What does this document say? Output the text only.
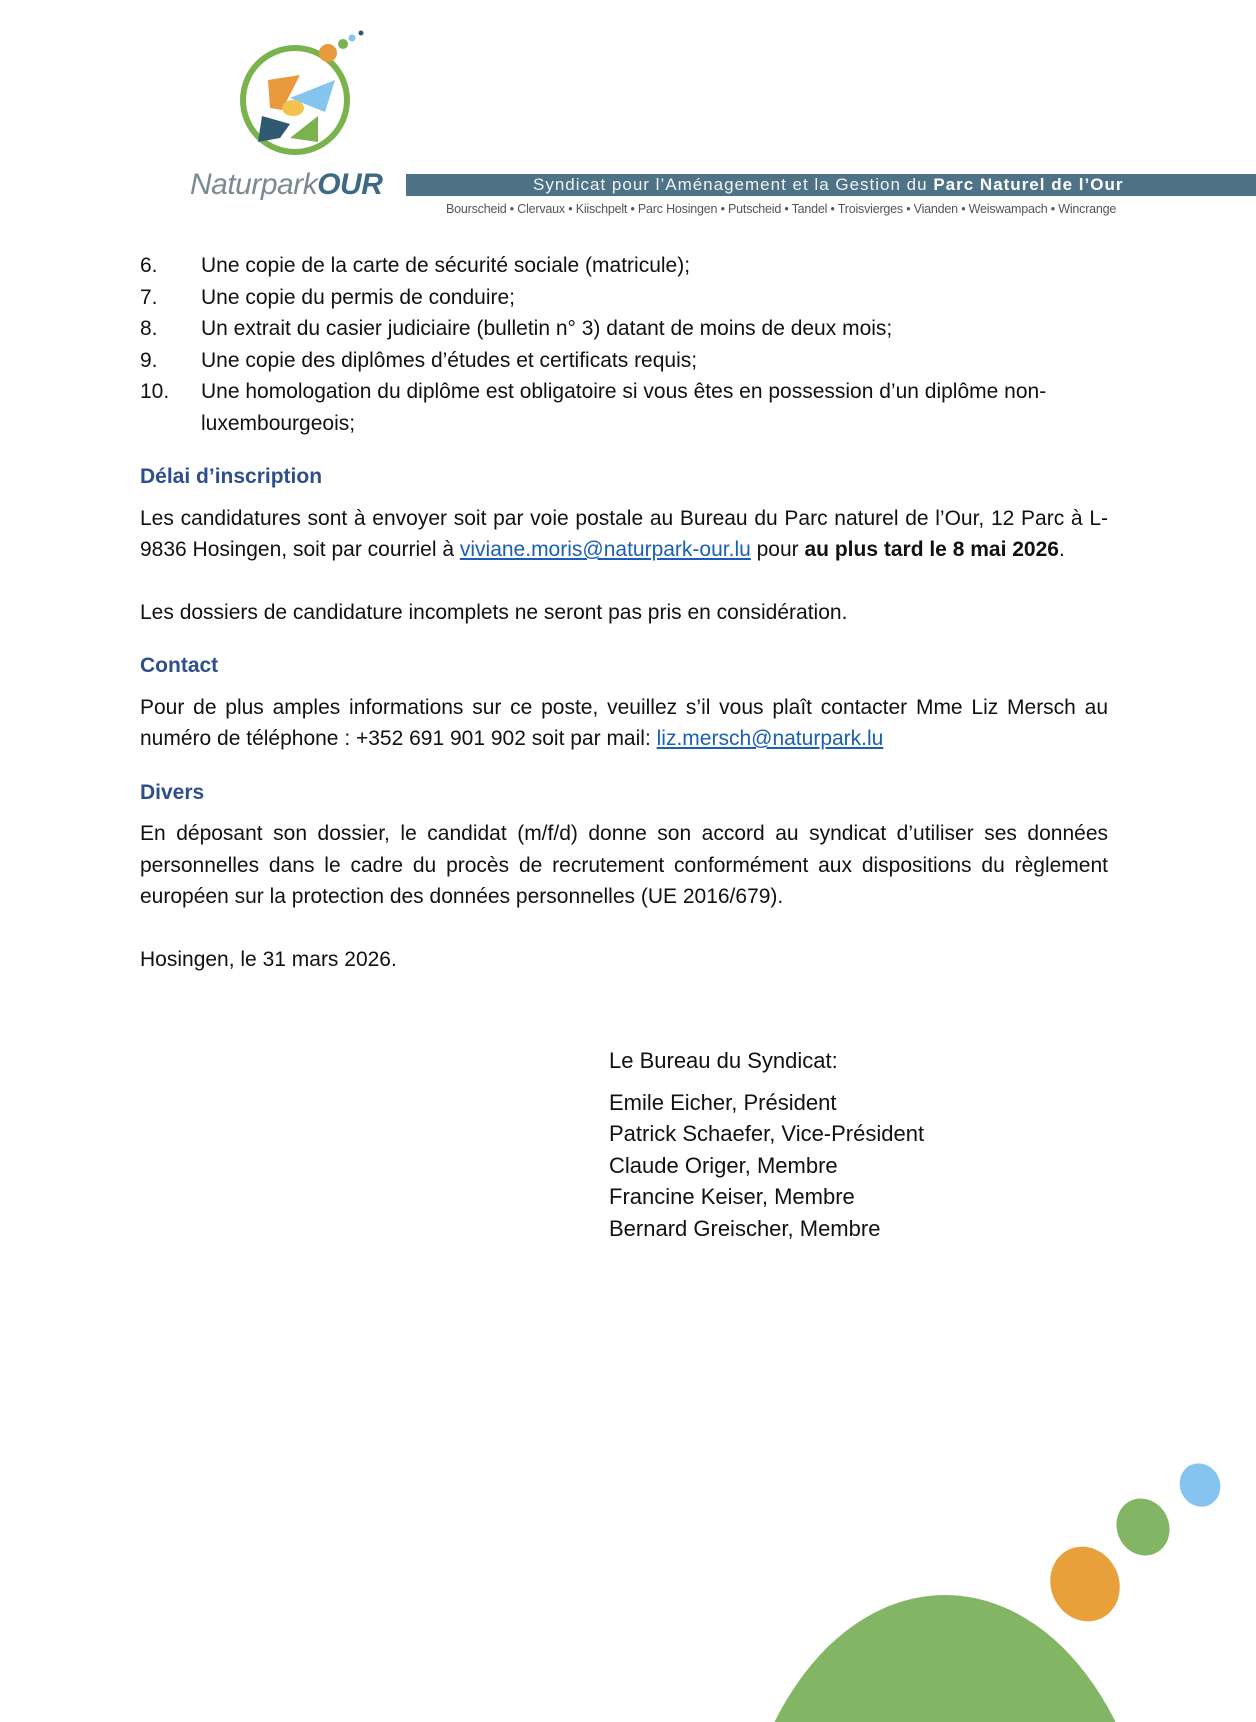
NaturparkOUR	Syndicat pour l’Aménagement et la Gestion du Parc Naturel de l’Our
Bourscheid • Clervaux • Kiischpelt • Parc Hosingen • Putscheid • Tandel • Troisvierges • Vianden • Weiswampach • Wincrange
6.	Une copie de la carte de sécurité sociale (matricule);
7.	Une copie du permis de conduire;
8.	Un extrait du casier judiciaire (bulletin n° 3) datant de moins de deux mois;
9.	Une copie des diplômes d’études et certificats requis;
10.	Une homologation du diplôme est obligatoire si vous êtes en possession d’un diplôme non-luxembourgeois;
Délai d’inscription

Les candidatures sont à envoyer soit par voie postale au Bureau du Parc naturel de l’Our, 12 Parc à L-9836 Hosingen, soit par courriel à viviane.moris@naturpark-our.lu pour au plus tard le 8 mai 2026.

Les dossiers de candidature incomplets ne seront pas pris en considération.

Contact

Pour de plus amples informations sur ce poste, veuillez s’il vous plaît contacter Mme Liz Mersch au numéro de téléphone : +352 691 901 902 soit par mail: liz.mersch@naturpark.lu

Divers

En déposant son dossier, le candidat (m/f/d) donne son accord au syndicat d’utiliser ses données personnelles dans le cadre du procès de recrutement conformément aux dispositions du règlement européen sur la protection des données personnelles (UE 2016/679).

Hosingen, le 31 mars 2026.

Le Bureau du Syndicat:
Emile Eicher, Président
Patrick Schaefer, Vice-Président
Claude Origer, Membre
Francine Keiser, Membre
Bernard Greischer, Membre
